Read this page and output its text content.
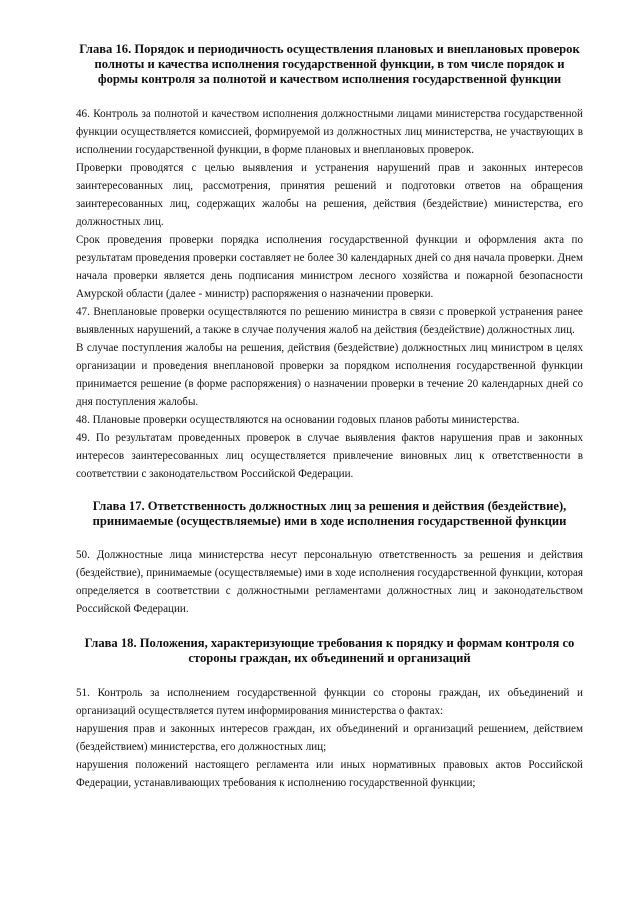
Глава 16. Порядок и периодичность осуществления плановых и внеплановых проверок полноты и качества исполнения государственной функции, в том числе порядок и формы контроля за полнотой и качеством исполнения государственной функции

46. Контроль за полнотой и качеством исполнения должностными лицами министерства государственной функции осуществляется комиссией, формируемой из должностных лиц министерства, не участвующих в исполнении государственной функции, в форме плановых и внеплановых проверок.

Проверки проводятся с целью выявления и устранения нарушений прав и законных интересов заинтересованных лиц, рассмотрения, принятия решений и подготовки ответов на обращения заинтересованных лиц, содержащих жалобы на решения, действия (бездействие) министерства, его должностных лиц.

Срок проведения проверки порядка исполнения государственной функции и оформления акта по результатам проведения проверки составляет не более 30 календарных дней со дня начала проверки. Днем начала проверки является день подписания министром лесного хозяйства и пожарной безопасности Амурской области (далее - министр) распоряжения о назначении проверки.

47. Внеплановые проверки осуществляются по решению министра в связи с проверкой устранения ранее выявленных нарушений, а также в случае получения жалоб на действия (бездействие) должностных лиц.

В случае поступления жалобы на решения, действия (бездействие) должностных лиц министром в целях организации и проведения внеплановой проверки за порядком исполнения государственной функции принимается решение (в форме распоряжения) о назначении проверки в течение 20 календарных дней со дня поступления жалобы.

48. Плановые проверки осуществляются на основании годовых планов работы министерства.

49. По результатам проведенных проверок в случае выявления фактов нарушения прав и законных интересов заинтересованных лиц осуществляется привлечение виновных лиц к ответственности в соответствии с законодательством Российской Федерации.

Глава 17. Ответственность должностных лиц за решения и действия (бездействие), принимаемые (осуществляемые) ими в ходе исполнения государственной функции

50. Должностные лица министерства несут персональную ответственность за решения и действия (бездействие), принимаемые (осуществляемые) ими в ходе исполнения государственной функции, которая определяется в соответствии с должностными регламентами должностных лиц и законодательством Российской Федерации.

Глава 18. Положения, характеризующие требования к порядку и формам контроля со стороны граждан, их объединений и организаций

51. Контроль за исполнением государственной функции со стороны граждан, их объединений и организаций осуществляется путем информирования министерства о фактах:

нарушения прав и законных интересов граждан, их объединений и организаций решением, действием (бездействием) министерства, его должностных лиц;

нарушения положений настоящего регламента или иных нормативных правовых актов Российской Федерации, устанавливающих требования к исполнению государственной функции;
